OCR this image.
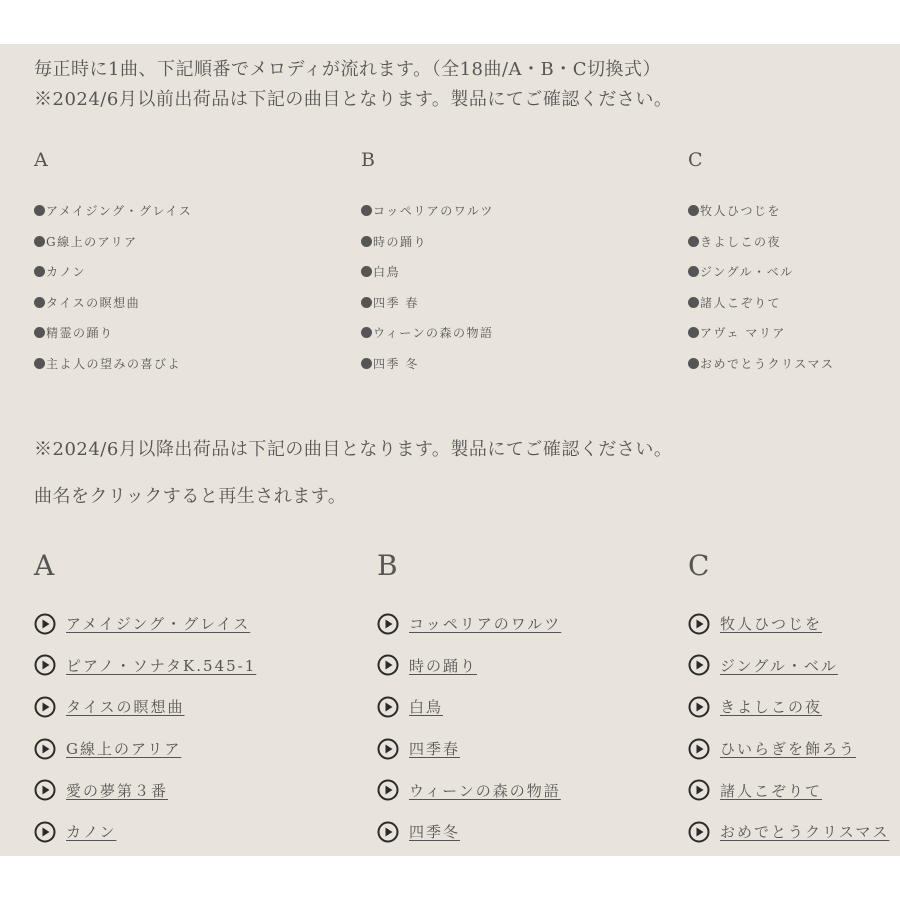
毎正時に1曲、下記順番でメロディが流れます。（全18曲/A・B・C切換式）
※2024/6月以前出荷品は下記の曲目となります。製品にてご確認ください。
A
アメイジング・グレイス
G線上のアリア
カノン
タイスの瞑想曲
精霊の踊り
主よ人の望みの喜びよ
B
コッペリアのワルツ
時の踊り
白鳥
四季 春
ウィーンの森の物語
四季 冬
C
牧人ひつじを
きよしこの夜
ジングル・ベル
諸人こぞりて
アヴェ マリア
おめでとうクリスマス
※2024/6月以降出荷品は下記の曲目となります。製品にてご確認ください。
曲名をクリックすると再生されます。
A
アメイジング・グレイス
ピアノ・ソナタK.545-1
タイスの瞑想曲
G線上のアリア
愛の夢第３番
カノン
B
コッペリアのワルツ
時の踊り
白鳥
四季春
ウィーンの森の物語
四季冬
C
牧人ひつじを
ジングル・ベル
きよしこの夜
ひいらぎを飾ろう
諸人こぞりて
おめでとうクリスマス
